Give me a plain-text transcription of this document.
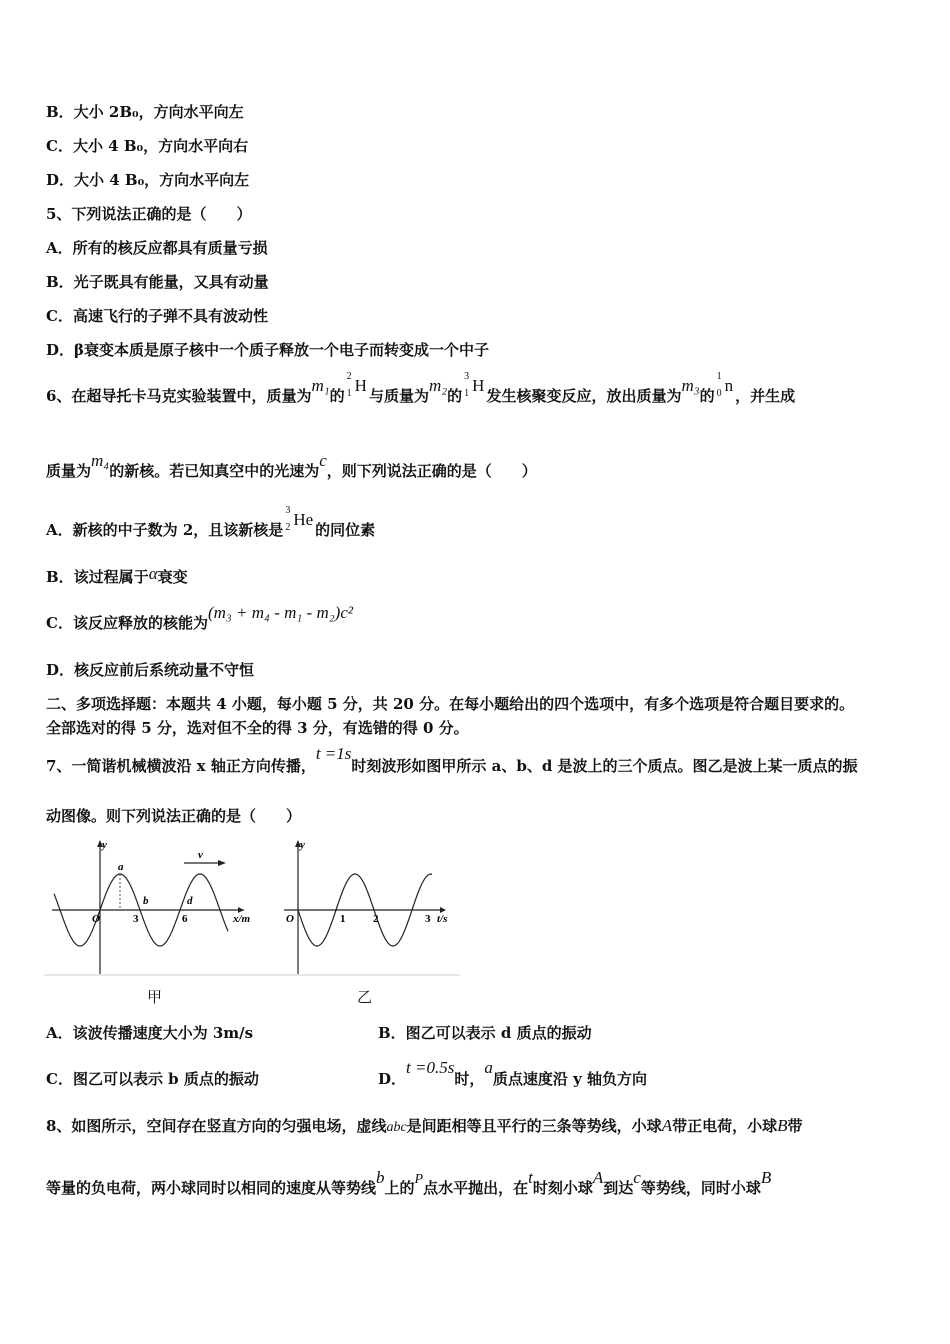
B．大小 2B₀，方向水平向左
C．大小 4 B₀，方向水平向右
D．大小 4 B₀，方向水平向左
5、下列说法正确的是（　　）
A．所有的核反应都具有质量亏损
B．光子既具有能量，又具有动量
C．高速飞行的子弹不具有波动性
D．β衰变本质是原子核中一个质子释放一个电子而转变成一个中子
6、在超导托卡马克实验装置中，质量为m₁的
2
1 H与质量为m₂的
3
1 H发生核聚变反应，放出质量为m₃的
1
0 n，并生成
质量为m₄的新核。若已知真空中的光速为c，则下列说法正确的是（　　）
A．新核的中子数为 2，且该新核是
3
2 He的同位素
B．该过程属于α衰变
C．该反应释放的核能为(m₃ + m₄ - m₁ - m₂)c²
D．核反应前后系统动量不守恒
二、多项选择题：本题共 4 小题，每小题 5 分，共 20 分。在每小题给出的四个选项中，有多个选项是符合题目要求的。
全部选对的得 5 分，选对但不全的得 3 分，有选错的得 0 分。
7、一简谐机械横波沿 x 轴正方向传播，t =1s时刻波形如图甲所示 a、b、d 是波上的三个质点。图乙是波上某一质点的振
动图像。则下列说法正确的是（　　）
y
v
a
b	d
O	3	6	x/m
y
O	1	2	3 t/s
甲	乙
A．该波传播速度大小为 3m/s	B．图乙可以表示 d 质点的振动
C．图乙可以表示 b 质点的振动	D．t =0.5s时，a质点速度沿 y 轴负方向
8、如图所示，空间存在竖直方向的匀强电场，虚线abc是间距相等且平行的三条等势线，小球A带正电荷，小球B带
等量的负电荷，两小球同时以相同的速度从等势线b上的P点水平抛出，在t时刻小球A到达c等势线，同时小球B
